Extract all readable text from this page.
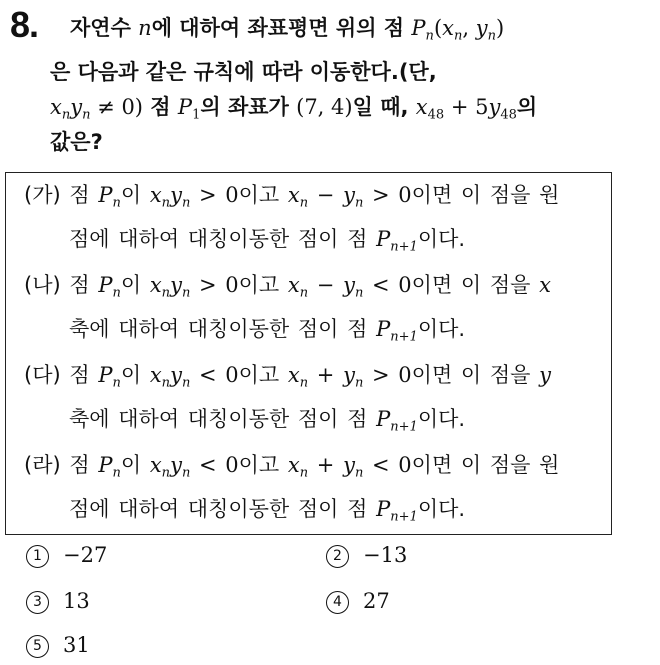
8. 자연수 n에 대하여 좌표평면 위의 점 $P_n(x_n$, $y_n$)
은 다음과 같은 규칙에 따라 이동한다.(단,
$x_ny_n \ne 0$) 점 $P_1$의 좌표가 (7, 4)일 때, $x_{48} + 5y_{48}$의
값은?
(가) 점 $P_n$이 $x_ny_n > 0$이고 $x_n - y_n > 0$이면 이 점을 원
점에 대하여 대칭이동한 점이 점 $P_{n+1}$이다.
(나) 점 $P_n$이 $x_ny_n > 0$이고 $x_n - y_n < 0$이면 이 점을 x
축에 대하여 대칭이동한 점이 점 $P_{n+1}$이다.
(다) 점 $P_n$이 $x_ny_n < 0$이고 $x_n + y_n > 0$이면 이 점을 y
축에 대하여 대칭이동한 점이 점 $P_{n+1}$이다.
(라) 점 $P_n$이 $x_ny_n < 0$이고 $x_n + y_n < 0$이면 이 점을 원
점에 대하여 대칭이동한 점이 점 $P_{n+1}$이다.
1 −27	2 −13
3 13	4 27
5 31
